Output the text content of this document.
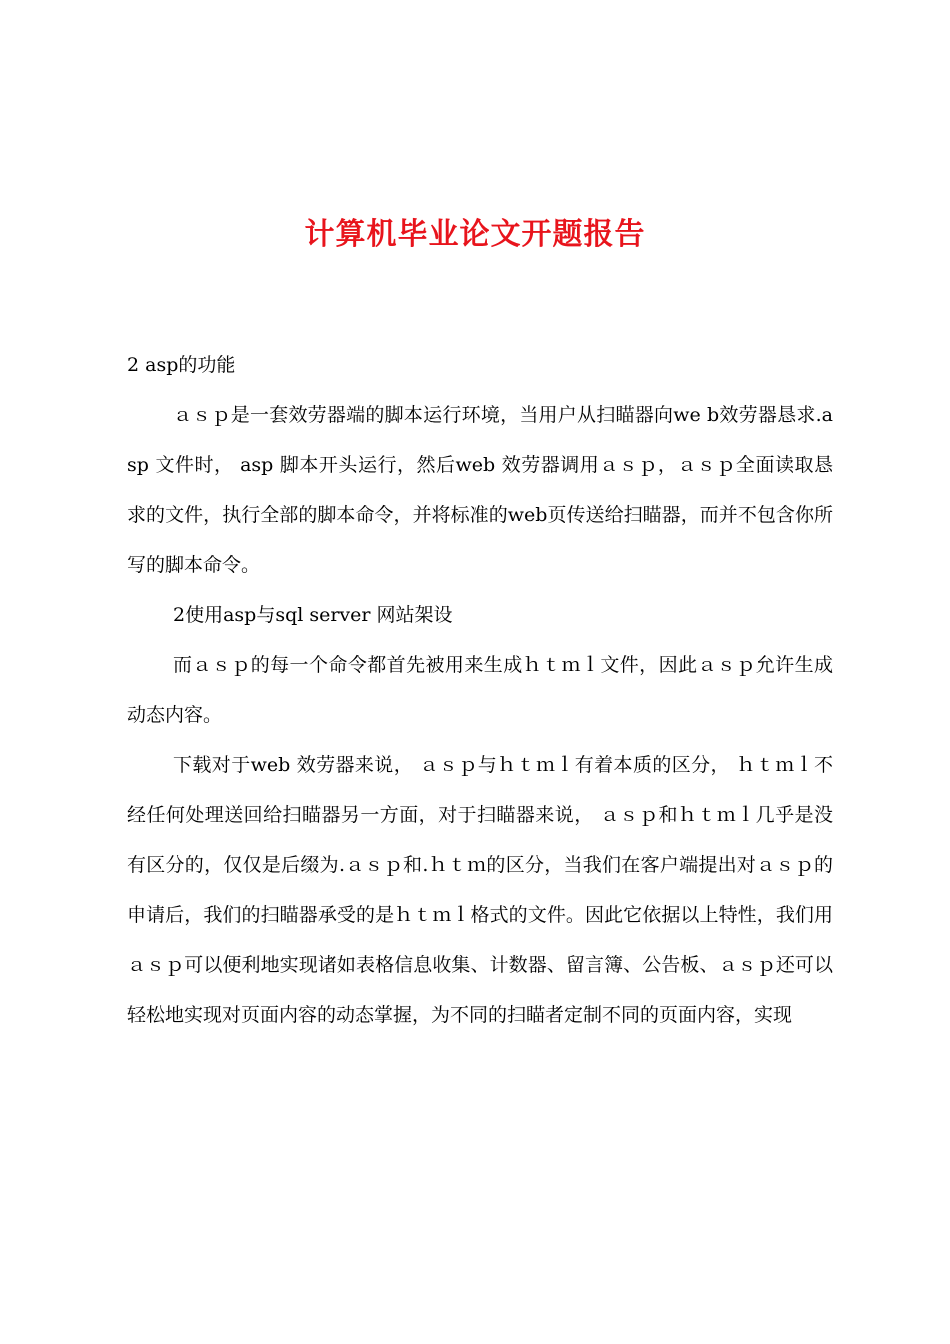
计算机毕业论文开题报告

2 asp的功能

ａｓｐ是一套效劳器端的脚本运行环境，当用户从扫瞄器向we b效劳器恳求.asp 文件时， asp 脚本开头运行，然后web 效劳器调用ａｓｐ，ａｓｐ全面读取恳求的文件，执行全部的脚本命令，并将标准的web页传送给扫瞄器，而并不包含你所写的脚本命令。

2使用asp与sql server 网站架设

而ａｓｐ的每一个命令都首先被用来生成ｈｔｍｌ文件，因此ａｓｐ允许生成动态内容。

下载对于web 效劳器来说， ａｓｐ与ｈｔｍｌ有着本质的区分， ｈｔｍｌ不经任何处理送回给扫瞄器另一方面，对于扫瞄器来说， ａｓｐ和ｈｔｍｌ几乎是没有区分的，仅仅是后缀为.ａｓｐ和.ｈｔｍ的区分，当我们在客户端提出对ａｓｐ的申请后，我们的扫瞄器承受的是ｈｔｍｌ格式的文件。因此它依据以上特性，我们用ａｓｐ可以便利地实现诸如表格信息收集、计数器、留言簿、公告板、ａｓｐ还可以轻松地实现对页面内容的动态掌握，为不同的扫瞄者定制不同的页面内容，实现
